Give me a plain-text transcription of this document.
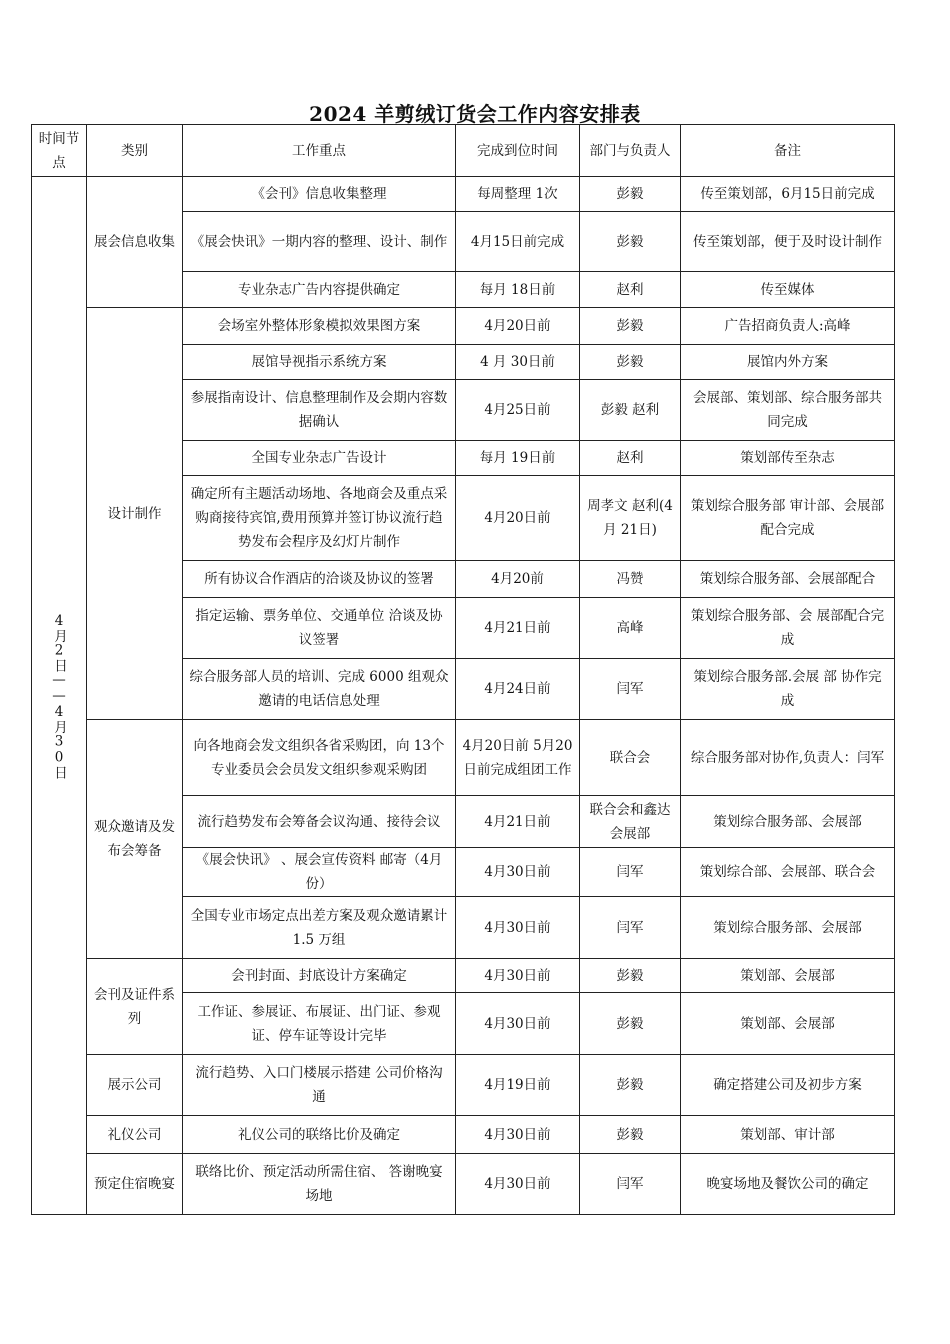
2024 羊剪绒订货会工作内容安排表
时间节点	类别	工作重点	完成到位时间	部门与负责人	备注

4月2日——4月30日	展会信息收集	《会刊》信息收集整理	每周整理 1次	彭毅	传至策划部，6月15日前完成
		《展会快讯》一期内容的整理、设计、制作	4月15日前完成	彭毅	传至策划部，便于及时设计制作
		专业杂志广告内容提供确定	每月 18日前	赵利	传至媒体
	设计制作	会场室外整体形象模拟效果图方案	4月20日前	彭毅	广告招商负责人:高峰
		展馆导视指示系统方案	4 月 30日前	彭毅	展馆内外方案
		参展指南设计、信息整理制作及会期内容数据确认	4月25日前	彭毅 赵利	会展部、策划部、综合服务部共同完成
		全国专业杂志广告设计	每月 19日前	赵利	策划部传至杂志
		确定所有主题活动场地、各地商会及重点采购商接待宾馆,费用预算并签订协议流行趋势发布会程序及幻灯片制作	4月20日前	周孝文 赵利(4月 21日)	策划综合服务部 审计部、会展部配合完成
		所有协议合作酒店的洽谈及协议的签署	4月20前	冯赞	策划综合服务部、会展部配合
		指定运输、票务单位、交通单位 洽谈及协议签署	4月21日前	高峰	策划综合服务部、会 展部配合完成
		综合服务部人员的培训、完成 6000 组观众邀请的电话信息处理	4月24日前	闫军	策划综合服务部.会展 部 协作完成
	观众邀请及发布会筹备	向各地商会发文组织各省采购团，向 13个专业委员会会员发文组织参观采购团	4月20日前 5月20日前完成组团工作	联合会	综合服务部对协作,负责人：闫军
		流行趋势发布会筹备会议沟通、接待会议	4月21日前	联合会和鑫达会展部	策划综合服务部、会展部
		《展会快讯》 、展会宣传资料 邮寄（4月份）	4月30日前	闫军	策划综合部、会展部、联合会
		全国专业市场定点出差方案及观众邀请累计 1.5 万组	4月30日前	闫军	策划综合服务部、会展部
	会刊及证件系列	会刊封面、封底设计方案确定	4月30日前	彭毅	策划部、会展部
		工作证、参展证、布展证、出门证、参观证、停车证等设计完毕	4月30日前	彭毅	策划部、会展部
	展示公司	流行趋势、入口门楼展示搭建 公司价格沟通	4月19日前	彭毅	确定搭建公司及初步方案
	礼仪公司	礼仪公司的联络比价及确定	4月30日前	彭毅	策划部、审计部
	预定住宿晚宴	联络比价、预定活动所需住宿、 答谢晚宴场地	4月30日前	闫军	晚宴场地及餐饮公司的确定
